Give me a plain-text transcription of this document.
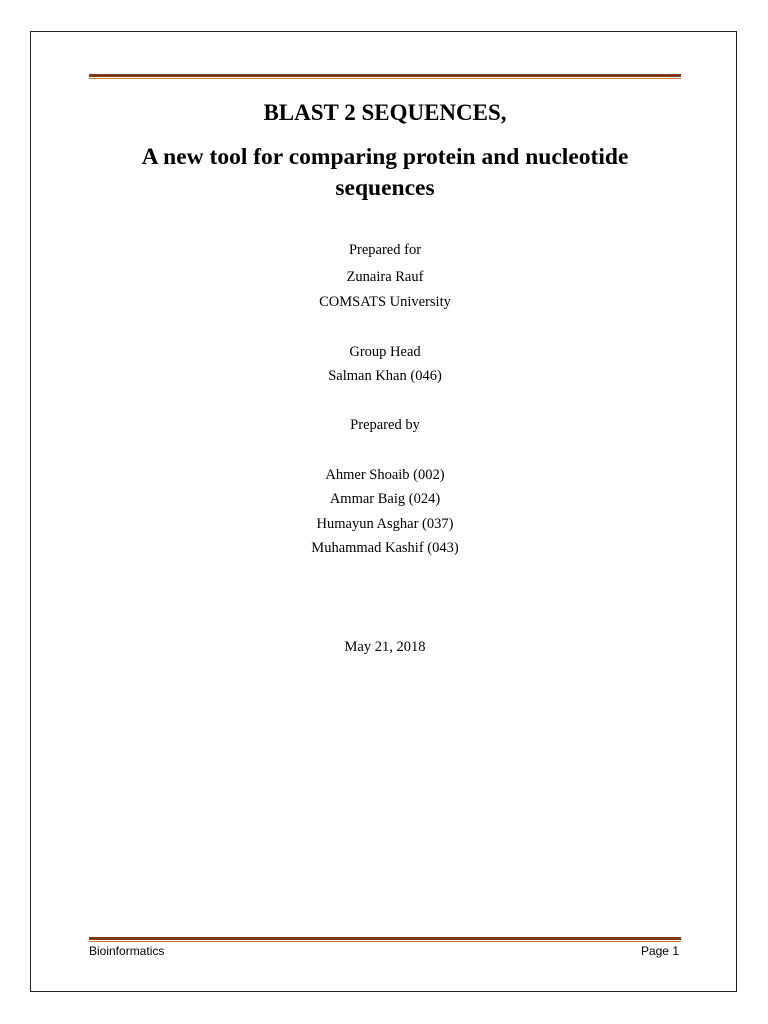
BLAST 2 SEQUENCES,
A new tool for comparing protein and nucleotide
sequences
Prepared for
Zunaira Rauf
COMSATS University
Group Head
Salman Khan (046)
Prepared by
Ahmer Shoaib (002)
Ammar Baig (024)
Humayun Asghar (037)
Muhammad Kashif (043)
May 21, 2018
Bioinformatics	Page 1
